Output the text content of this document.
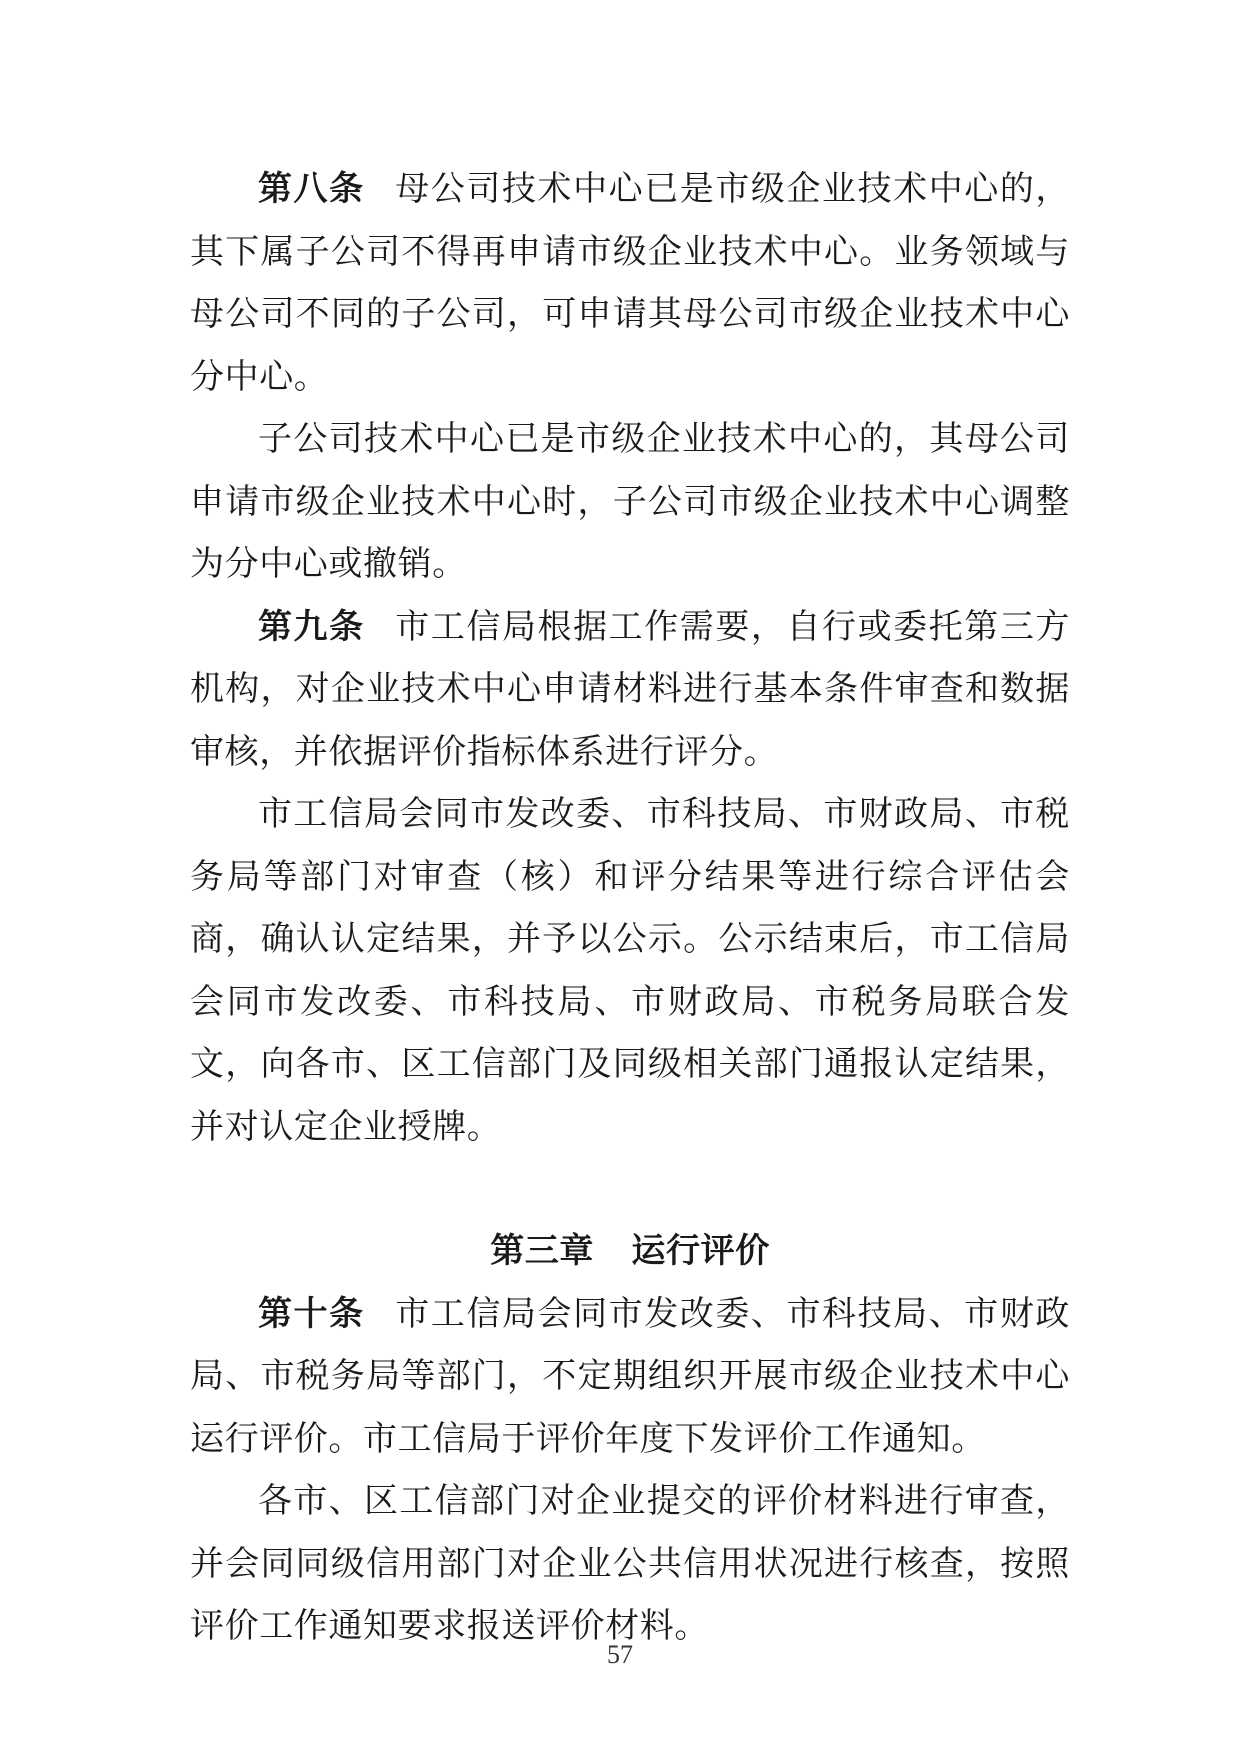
第八条 母公司技术中心已是市级企业技术中心的，其下属子公司不得再申请市级企业技术中心。业务领域与母公司不同的子公司，可申请其母公司市级企业技术中心分中心。

子公司技术中心已是市级企业技术中心的，其母公司申请市级企业技术中心时，子公司市级企业技术中心调整为分中心或撤销。

第九条 市工信局根据工作需要，自行或委托第三方机构，对企业技术中心申请材料进行基本条件审查和数据审核，并依据评价指标体系进行评分。

市工信局会同市发改委、市科技局、市财政局、市税务局等部门对审查（核）和评分结果等进行综合评估会商，确认认定结果，并予以公示。公示结束后，市工信局会同市发改委、市科技局、市财政局、市税务局联合发文，向各市、区工信部门及同级相关部门通报认定结果，并对认定企业授牌。

第三章 运行评价

第十条 市工信局会同市发改委、市科技局、市财政局、市税务局等部门，不定期组织开展市级企业技术中心运行评价。市工信局于评价年度下发评价工作通知。

各市、区工信部门对企业提交的评价材料进行审查，并会同同级信用部门对企业公共信用状况进行核查，按照评价工作通知要求报送评价材料。

57
